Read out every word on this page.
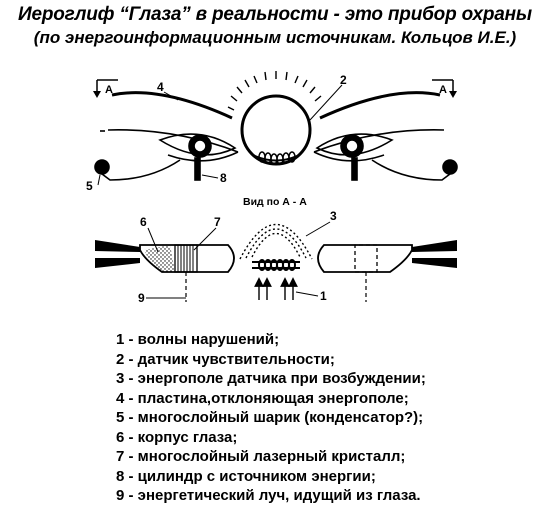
Иероглиф “Глаза” в реальности - это прибор охраны
(по энергоинформационным источникам. Кольцов И.Е.)
A	A
4	2
5
8
Вид по А - А
6	7	3
1
9
1 - волны нарушений;
2 - датчик чувствительности;
3 - энергополе датчика при возбуждении;
4 - пластина,отклоняющая энергополе;
5 - многослойный шарик (конденсатор?);
6 - корпус глаза;
7 - многослойный лазерный кристалл;
8 - цилиндр с источником энергии;
9 - энергетический луч, идущий из глаза.
